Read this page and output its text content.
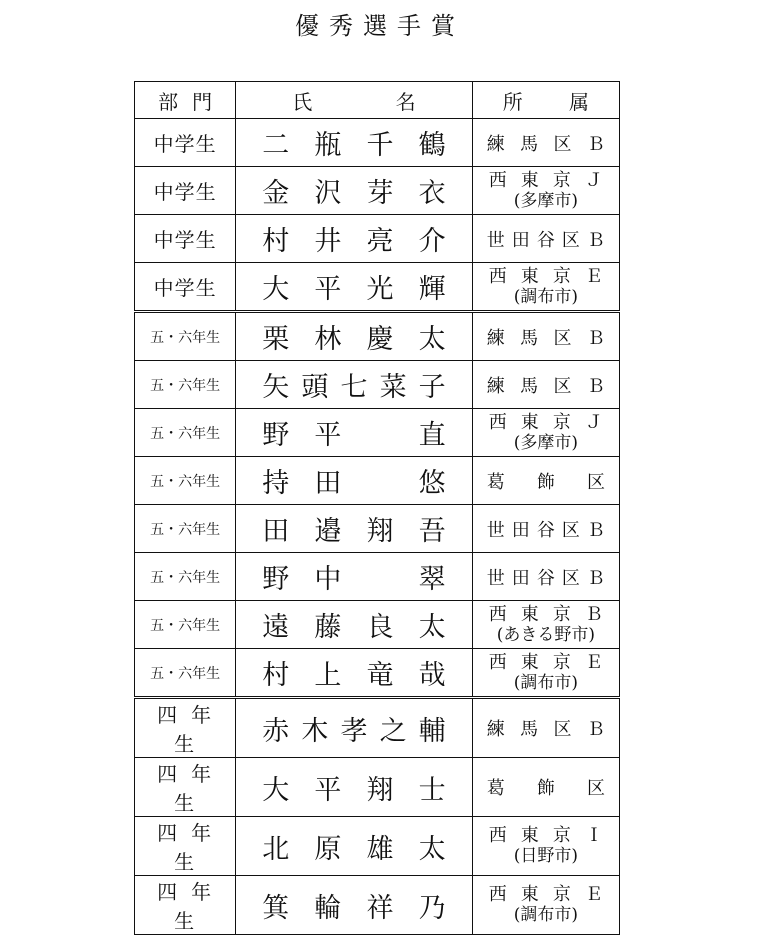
優秀選手賞
部門	氏　名	所　属
中学生	二瓶千鶴	練馬区Ｂ

中学生	金沢芽衣	西東京Ｊ
(多摩市)

中学生	村井亮介	世田谷区Ｂ

中学生	大平光輝	西東京Ｅ
(調布市)

五・六年生	栗林慶太	練馬区Ｂ

五・六年生	矢頭七菜子	練馬区Ｂ

五・六年生	野平　直	西東京Ｊ
(多摩市)

五・六年生	持田　悠	葛飾区

五・六年生	田邉翔吾	世田谷区Ｂ

五・六年生	野中　翠	世田谷区Ｂ

五・六年生	遠藤良太	西東京Ｂ
(あきる野市)

五・六年生	村上竜哉	西東京Ｅ
(調布市)

四年生	赤木孝之輔	練馬区Ｂ

四年生	大平翔士	葛飾区

四年生	北原雄太	西東京Ｉ
(日野市)

四年生	箕輪祥乃	西東京Ｅ
(調布市)
